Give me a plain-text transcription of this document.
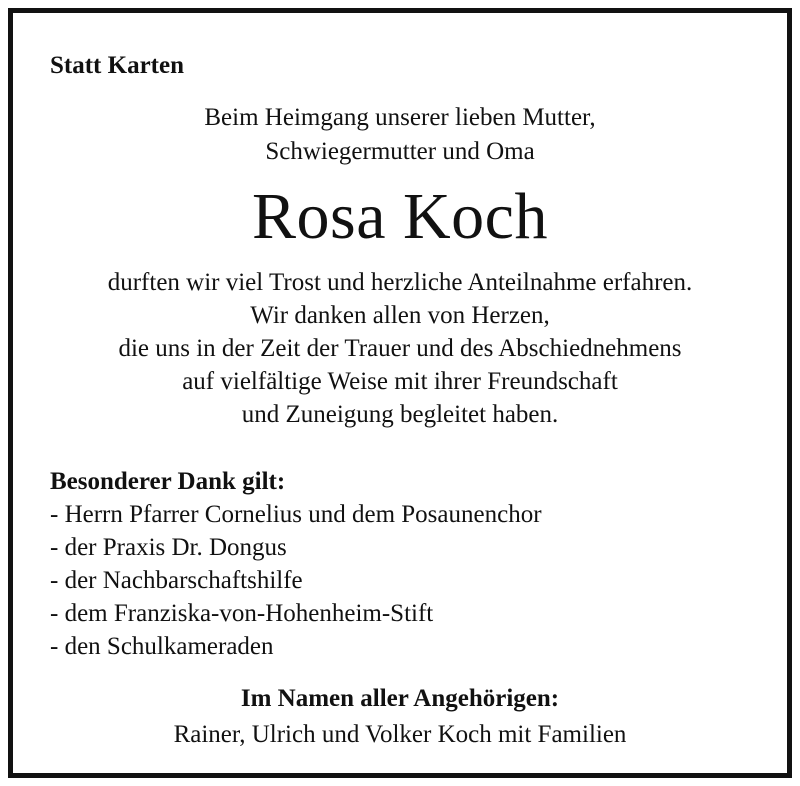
Statt Karten

Beim Heimgang unserer lieben Mutter,
Schwiegermutter und Oma

Rosa Koch

durften wir viel Trost und herzliche Anteilnahme erfahren.
Wir danken allen von Herzen,
die uns in der Zeit der Trauer und des Abschiednehmens
auf vielfältige Weise mit ihrer Freundschaft
und Zuneigung begleitet haben.

Besonderer Dank gilt:

- Herrn Pfarrer Cornelius und dem Posaunenchor
- der Praxis Dr. Dongus
- der Nachbarschaftshilfe
- dem Franziska-von-Hohenheim-Stift
- den Schulkameraden

Im Namen aller Angehörigen:
Rainer, Ulrich und Volker Koch mit Familien
